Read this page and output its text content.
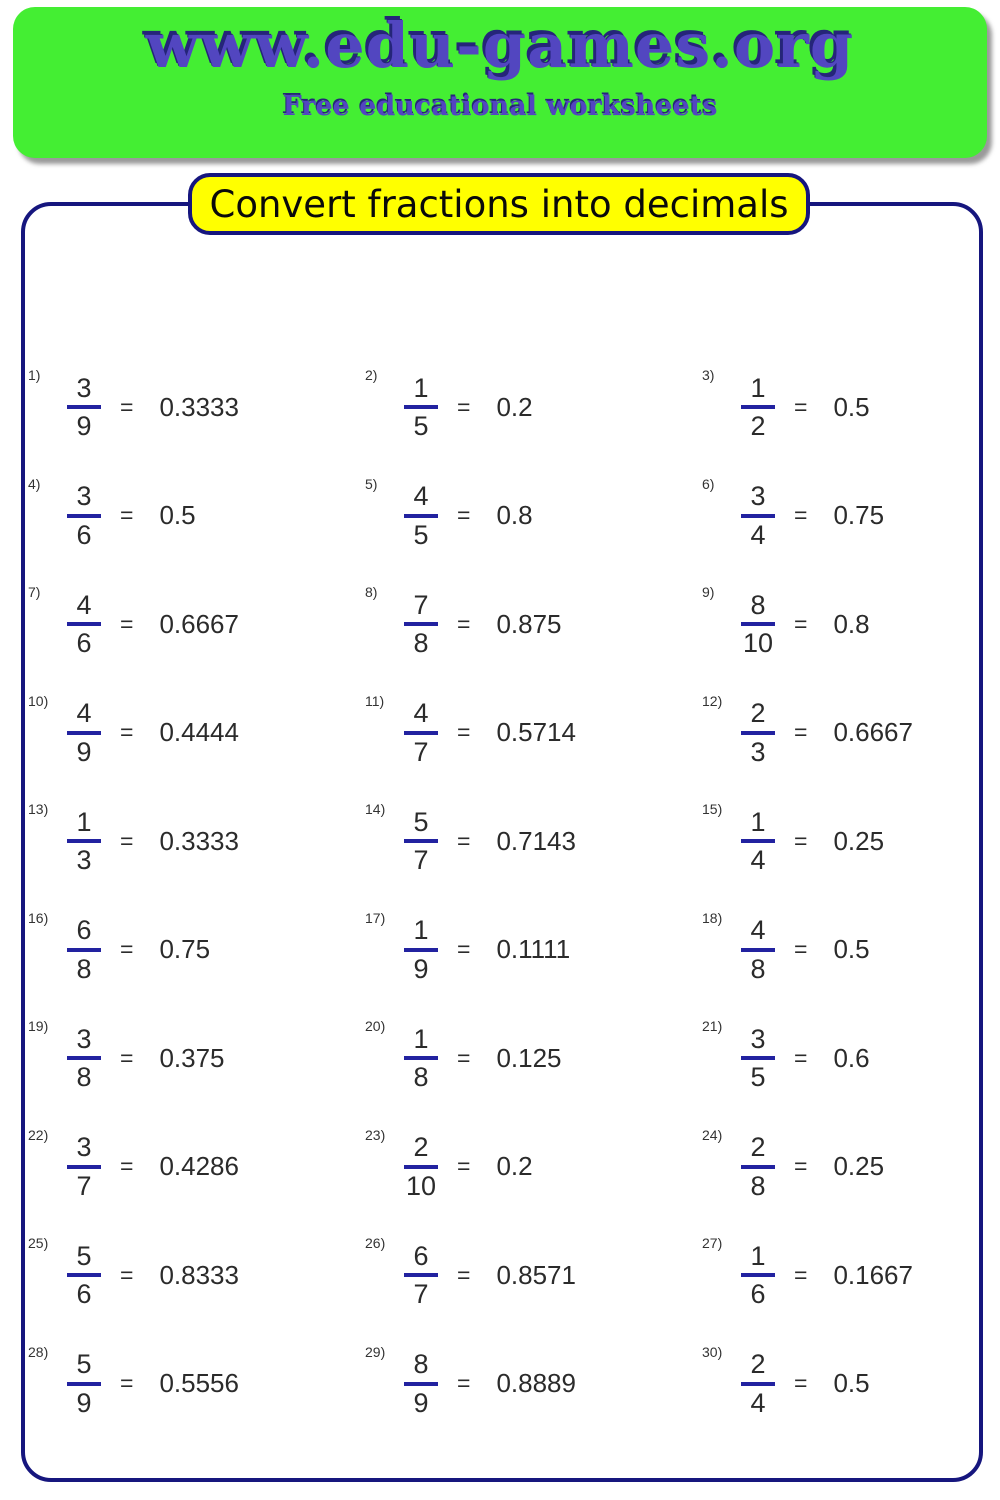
www.edu-games.org

Free educational worksheets

Convert fractions into decimals
$1) \frac{3}{9} = 0.3333$
$2) \frac{1}{5} = 0.2$
$3) \frac{1}{2} = 0.5$
$4) \frac{3}{6} = 0.5$
$5) \frac{4}{5} = 0.8$
$6) \frac{3}{4} = 0.75$
$7) \frac{4}{6} = 0.6667$
$8) \frac{7}{8} = 0.875$
$9) \frac{8}{10} = 0.8$
$10) \frac{4}{9} = 0.4444$
$11) \frac{4}{7} = 0.5714$
$12) \frac{2}{3} = 0.6667$
$13) \frac{1}{3} = 0.3333$
$14) \frac{5}{7} = 0.7143$
$15) \frac{1}{4} = 0.25$
$16) \frac{6}{8} = 0.75$
$17) \frac{1}{9} = 0.1111$
$18) \frac{4}{8} = 0.5$
$19) \frac{3}{8} = 0.375$
$20) \frac{1}{8} = 0.125$
$21) \frac{3}{5} = 0.6$
$22) \frac{3}{7} = 0.4286$
$23) \frac{2}{10} = 0.2$
$24) \frac{2}{8} = 0.25$
$25) \frac{5}{6} = 0.8333$
$26) \frac{6}{7} = 0.8571$
$27) \frac{1}{6} = 0.1667$
$28) \frac{5}{9} = 0.5556$
$29) \frac{8}{9} = 0.8889$
$30) \frac{2}{4} = 0.5$
